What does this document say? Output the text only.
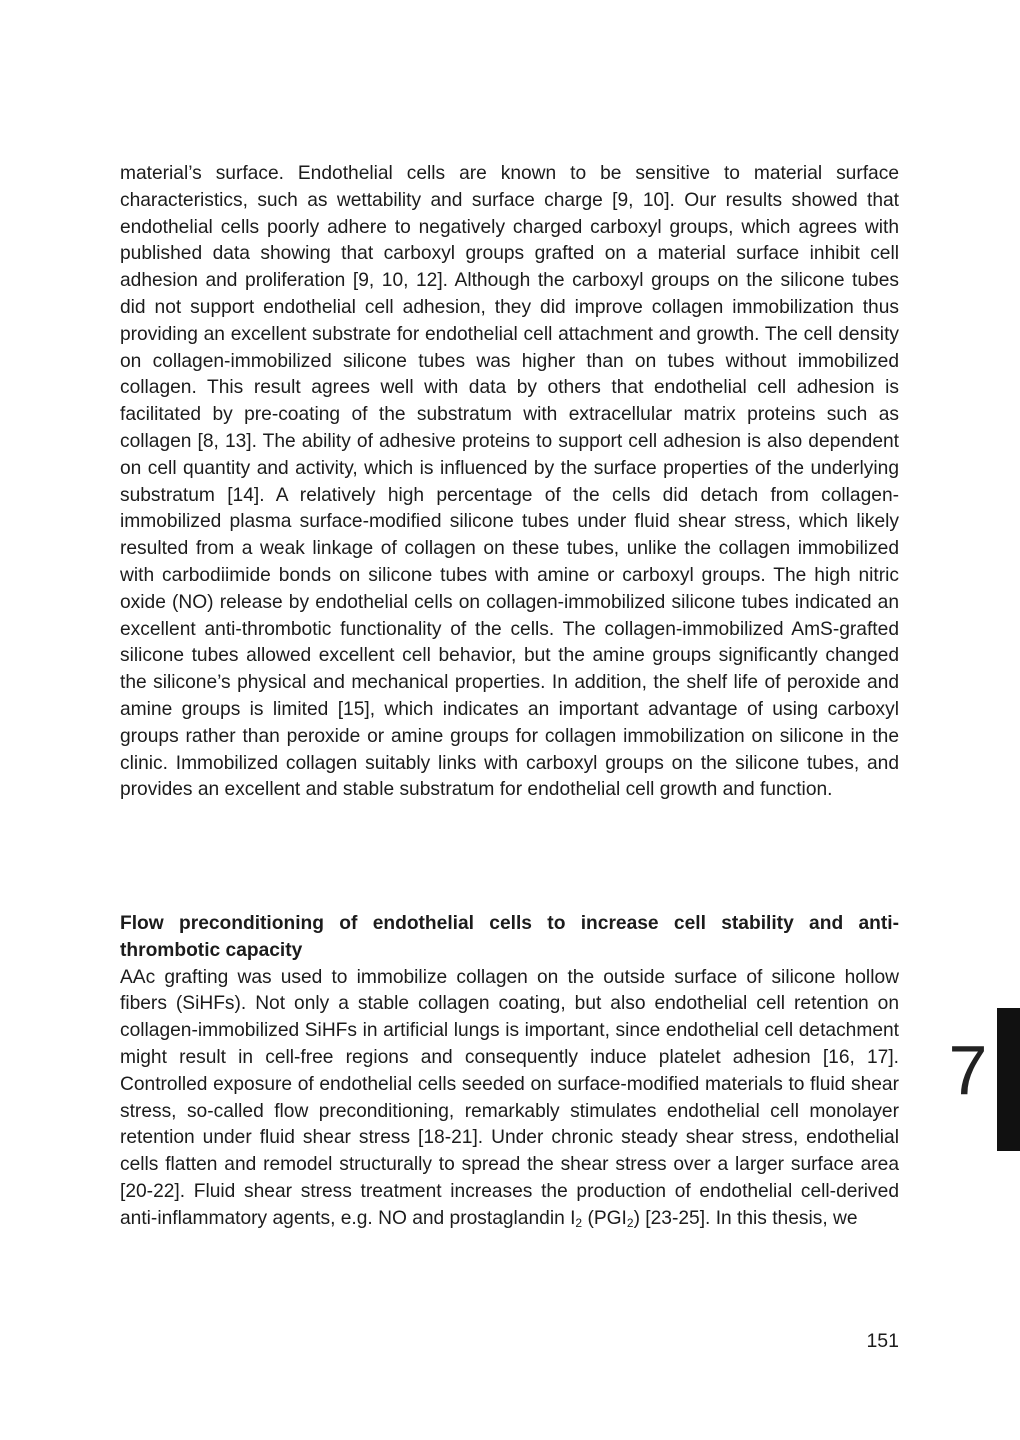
material’s surface. Endothelial cells are known to be sensitive to material surface characteristics, such as wettability and surface charge [9, 10]. Our results showed that endothelial cells poorly adhere to negatively charged carboxyl groups, which agrees with published data showing that carboxyl groups grafted on a material surface inhibit cell adhesion and proliferation [9, 10, 12]. Although the carboxyl groups on the silicone tubes did not support endothelial cell adhesion, they did improve collagen immobilization thus providing an excellent substrate for endothelial cell attachment and growth. The cell density on collagen-immobilized silicone tubes was higher than on tubes without immobilized collagen. This result agrees well with data by others that endothelial cell adhesion is facilitated by pre-coating of the substratum with extracellular matrix proteins such as collagen [8, 13]. The ability of adhesive proteins to support cell adhesion is also dependent on cell quantity and activity, which is influenced by the surface properties of the underlying substratum [14]. A relatively high percentage of the cells did detach from collagen-immobilized plasma surface-modified silicone tubes under fluid shear stress, which likely resulted from a weak linkage of collagen on these tubes, unlike the collagen immobilized with carbodiimide bonds on silicone tubes with amine or carboxyl groups. The high nitric oxide (NO) release by endothelial cells on collagen-immobilized silicone tubes indicated an excellent anti-thrombotic functionality of the cells. The collagen-immobilized AmS-grafted silicone tubes allowed excellent cell behavior, but the amine groups significantly changed the silicone’s physical and mechanical properties. In addition, the shelf life of peroxide and amine groups is limited [15], which indicates an important advantage of using carboxyl groups rather than peroxide or amine groups for collagen immobilization on silicone in the clinic. Immobilized collagen suitably links with carboxyl groups on the silicone tubes, and provides an excellent and stable substratum for endothelial cell growth and function.

Flow preconditioning of endothelial cells to increase cell stability and anti-thrombotic capacity

AAc grafting was used to immobilize collagen on the outside surface of silicone hollow fibers (SiHFs). Not only a stable collagen coating, but also endothelial cell retention on collagen-immobilized SiHFs in artificial lungs is important, since endothelial cell detachment might result in cell-free regions and consequently induce platelet adhesion [16, 17]. Controlled exposure of endothelial cells seeded on surface-modified materials to fluid shear stress, so-called flow preconditioning, remarkably stimulates endothelial cell monolayer retention under fluid shear stress [18-21]. Under chronic steady shear stress, endothelial cells flatten and remodel structurally to spread the shear stress over a larger surface area [20-22]. Fluid shear stress treatment increases the production of endothelial cell-derived anti-inflammatory agents, e.g. NO and prostaglandin $I_2$ $(PGI_2)$ [23-25]. In this thesis, we

7
151
